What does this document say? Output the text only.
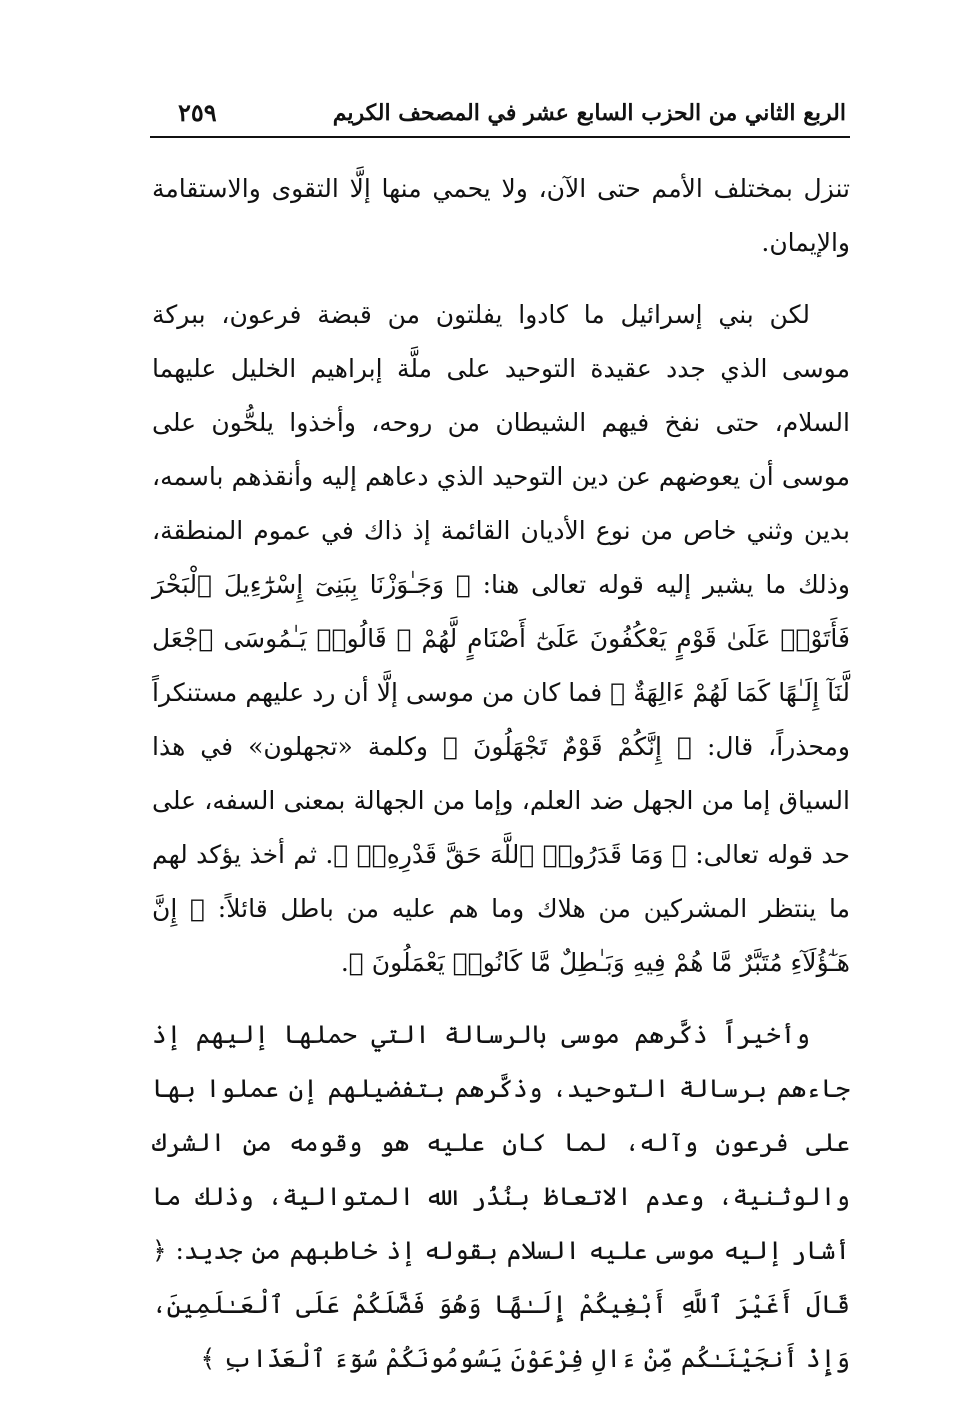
الربع الثاني من الحزب السابع عشر في المصحف الكريم
٢٥٩

تنزل بمختلف الأمم حتى الآن، ولا يحمي منها إلَّا التقوى والاستقامة والإيمان.

لكن بني إسرائيل ما كادوا يفلتون من قبضة فرعون، ببركة موسى الذي جدد عقيدة التوحيد على ملَّة إبراهيم الخليل عليهما السلام، حتى نفخ فيهم الشيطان من روحه، وأخذوا يلحُّون على موسى أن يعوضهم عن دين التوحيد الذي دعاهم إليه وأنقذهم باسمه، بدين وثني خاص من نوع الأديان القائمة إذ ذاك في عموم المنطقة، وذلك ما يشير إليه قوله تعالى هنا: ﴿ وَجَـٰوَزْنَا بِبَنِىٓ إِسْرَٰٓءِيلَ ٱلْبَحْرَ فَأَتَوْا۟ عَلَىٰ قَوْمٍ يَعْكُفُونَ عَلَىٰٓ أَصْنَامٍ لَّهُمْ ۚ قَالُوا۟ يَـٰمُوسَى ٱجْعَل لَّنَآ إِلَـٰهًا كَمَا لَهُمْ ءَالِهَةٌ ﴾ فما كان من موسى إلَّا أن رد عليهم مستنكراً ومحذراً، قال: ﴿ إِنَّكُمْ قَوْمٌ تَجْهَلُونَ ﴾ وكلمة «تجهلون» في هذا السياق إما من الجهل ضد العلم، وإما من الجهالة بمعنى السفه، على حد قوله تعالى: ﴿ وَمَا قَدَرُوا۟ ٱللَّهَ حَقَّ قَدْرِهِۦٓ ﴾. ثم أخذ يؤكد لهم ما ينتظر المشركين من هلاك وما هم عليه من باطل قائلاً: ﴿ إِنَّ هَـٰٓؤُلَآءِ مُتَبَّرٌ مَّا هُمْ فِيهِ وَبَـٰطِلٌ مَّا كَانُوا۟ يَعْمَلُونَ ﴾.

وأخيراً ذكَّرهم موسى بالرسالة التي حملها إليهم إذ جاءهم برسالة التوحيد، وذكَّرهم بتفضيلهم إن عملوا بها على فرعون وآله، لما كان عليه هو وقومه من الشرك والوثنية، وعدم الاتعاظ بنُذُر الله المتوالية، وذلك ما أشار إليه موسى عليه السلام بقوله إذ خاطبهم من جديد: ﴿ قَالَ أَغَيْرَ ٱللَّهِ أَبْغِيكُمْ إِلَـٰهًا وَهُوَ فَضَّلَكُمْ عَلَى ٱلْعَـٰلَمِينَ، وَإِذْ أَنجَيْنَـٰكُم مِّنْ ءَالِ فِرْعَوْنَ يَسُومُونَكُمْ سُوٓءَ ٱلْعَذَابِ ﴾
